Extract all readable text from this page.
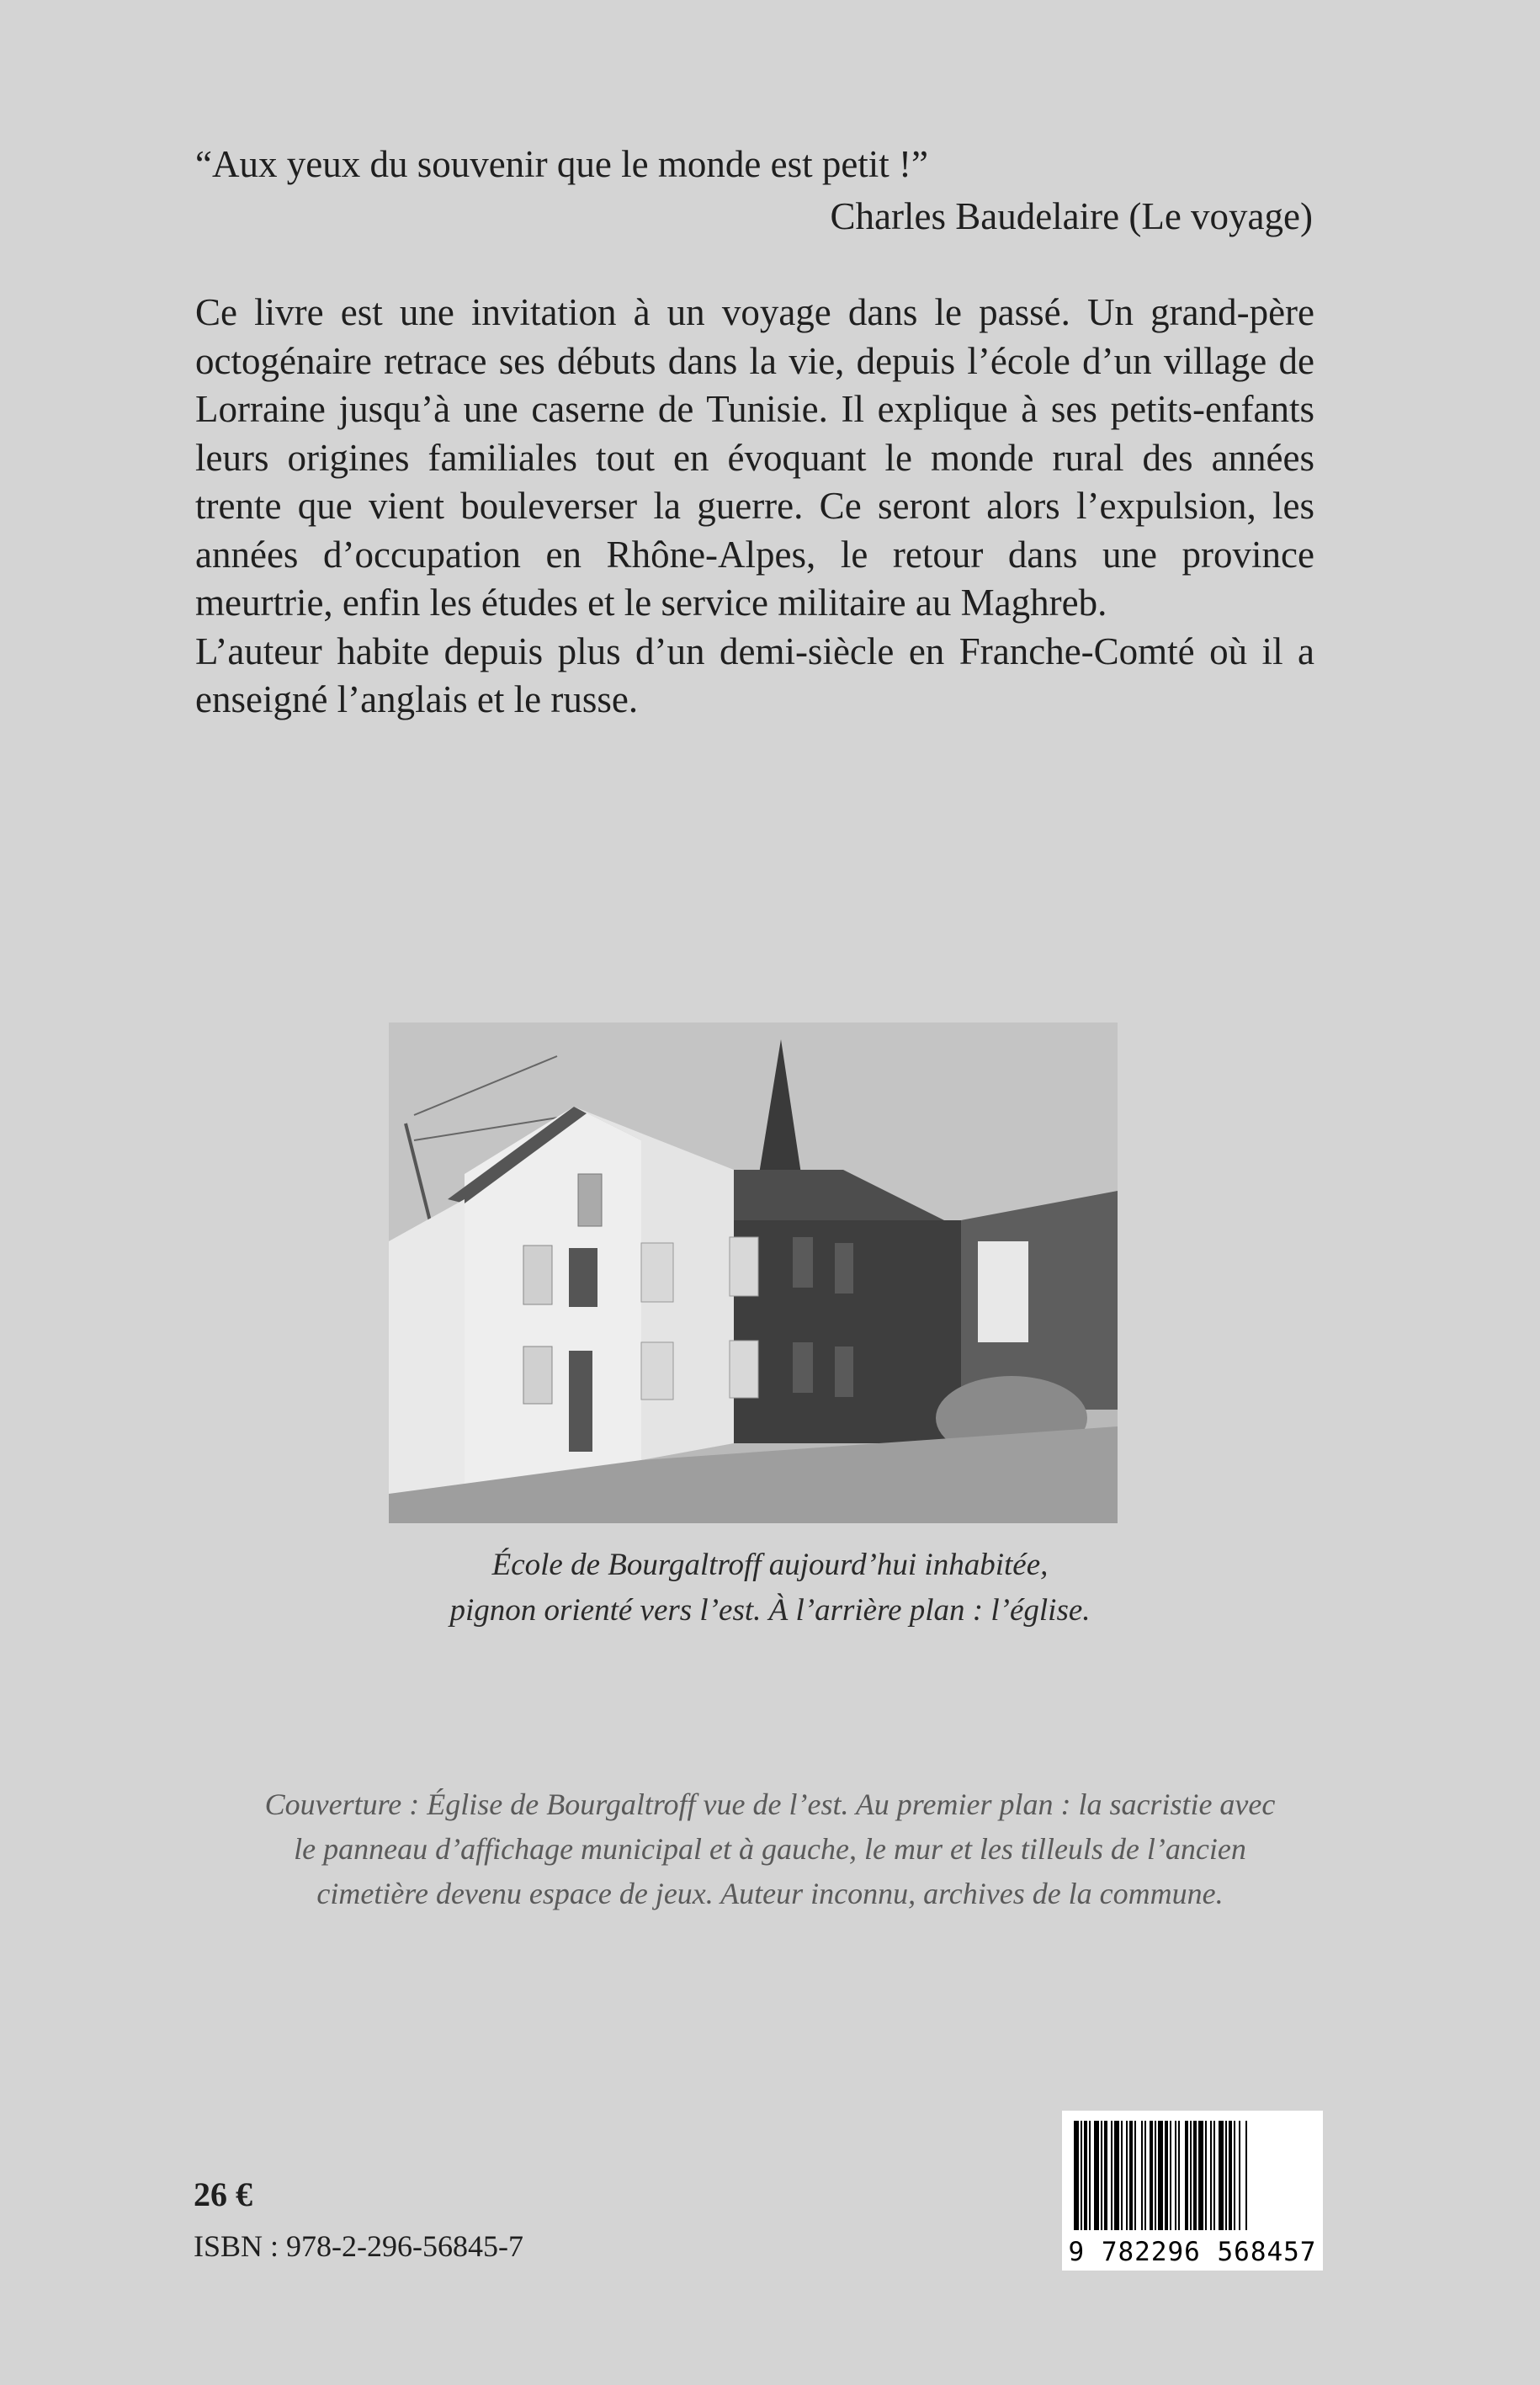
“Aux yeux du souvenir que le monde est petit !”
Charles Baudelaire (Le voyage)

Ce livre est une invitation à un voyage dans le passé. Un grand-père octogénaire retrace ses débuts dans la vie, depuis l’école d’un village de Lorraine jusqu’à une caserne de Tunisie. Il explique à ses petits-enfants leurs origines familiales tout en évoquant le monde rural des années trente que vient bouleverser la guerre. Ce seront alors l’expulsion, les années d’occupation en Rhône-Alpes, le retour dans une province meurtrie, enfin les études et le service militaire au Maghreb.

L’auteur habite depuis plus d’un demi-siècle en Franche-Comté où il a enseigné l’anglais et le russe.

École de Bourgaltroff aujourd’hui inhabitée,
pignon orienté vers l’est. À l’arrière plan : l’église.
Couverture : Église de Bourgaltroff vue de l’est. Au premier plan : la sacristie avec
le panneau d’affichage municipal et à gauche, le mur et les tilleuls de l’ancien
cimetière devenu espace de jeux. Auteur inconnu, archives de la commune.
26 €
ISBN : 978-2-296-56845-7	9 782296 568457
